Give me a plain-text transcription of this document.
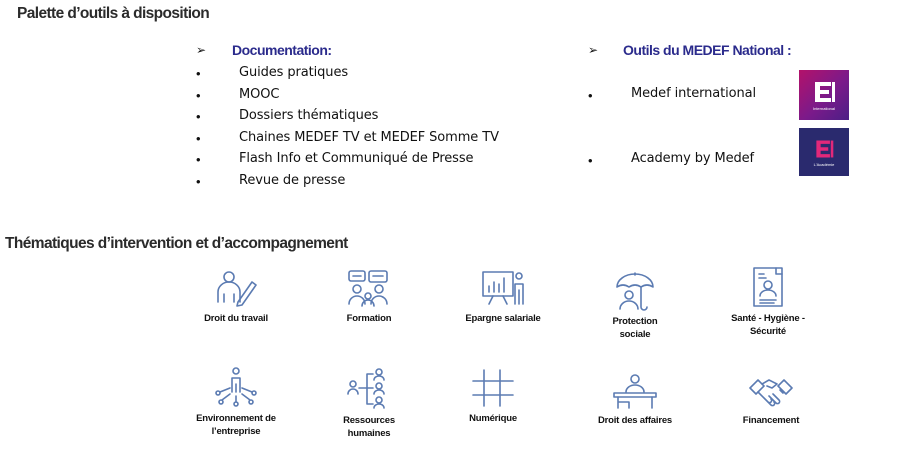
Palette d’outils à disposition
➢ Documentation:
•	Guides pratiques
•	MOOC
•	Dossiers thématiques
•	Chaines MEDEF TV et MEDEF Somme TV
•	Flash Info et Communiqué de Presse
•	Revue de presse
➢ Outils du MEDEF National :
•	Medef international
International
•	Academy by Medef	L'Académie
Thématiques d’intervention et d’accompagnement
Droit du travail	Formation	Epargne salariale	Protection
sociale
Santé - Hygiène -
Sécurité
Environnement de
l’entreprise
Ressources
humaines
Numérique	Droit des affaires	Financement
